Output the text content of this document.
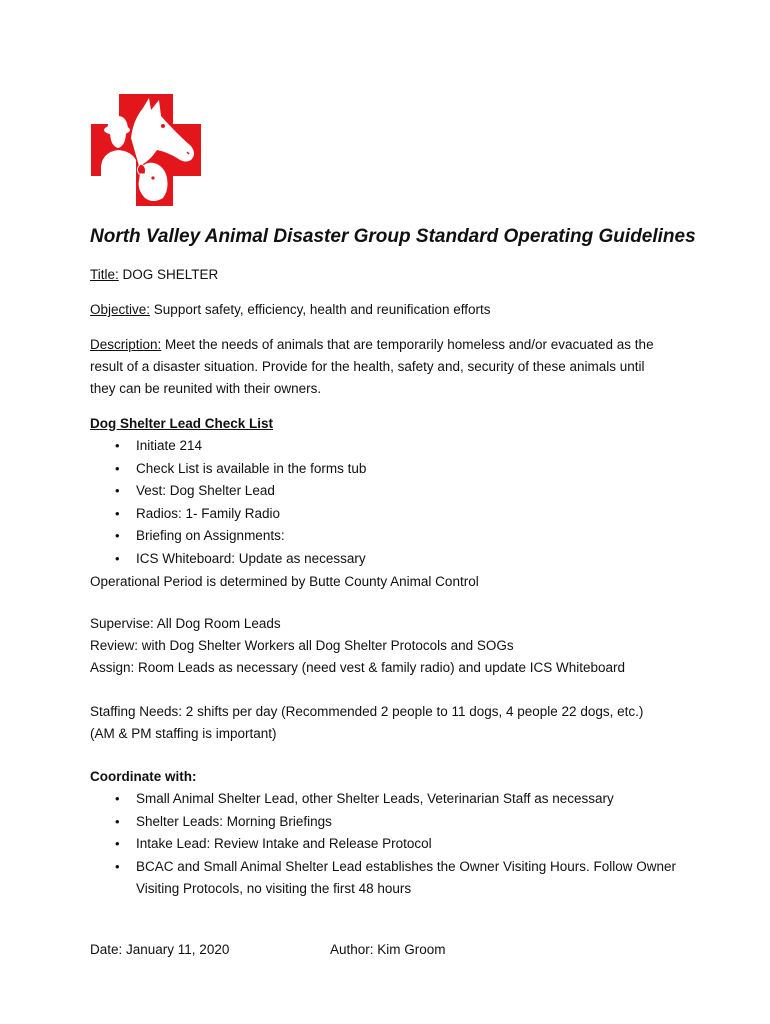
North Valley Animal Disaster Group Standard Operating Guidelines
Title: DOG SHELTER
Objective: Support safety, efficiency, health and reunification efforts
Description: Meet the needs of animals that are temporarily homeless and/or evacuated as the
result of a disaster situation. Provide for the health, safety and, security of these animals until
they can be reunited with their owners.
Dog Shelter Lead Check List
• Initiate 214
• Check List is available in the forms tub
• Vest: Dog Shelter Lead
• Radios: 1- Family Radio
• Briefing on Assignments:
• ICS Whiteboard: Update as necessary
Operational Period is determined by Butte County Animal Control
Supervise: All Dog Room Leads
Review: with Dog Shelter Workers all Dog Shelter Protocols and SOGs
Assign: Room Leads as necessary (need vest & family radio) and update ICS Whiteboard
Staffing Needs: 2 shifts per day (Recommended 2 people to 11 dogs, 4 people 22 dogs, etc.)
(AM & PM staffing is important)
Coordinate with:
• Small Animal Shelter Lead, other Shelter Leads, Veterinarian Staff as necessary
• Shelter Leads: Morning Briefings
• Intake Lead: Review Intake and Release Protocol
• BCAC and Small Animal Shelter Lead establishes the Owner Visiting Hours. Follow Owner
Visiting Protocols, no visiting the first 48 hours
Date: January 11, 2020	Author: Kim Groom
